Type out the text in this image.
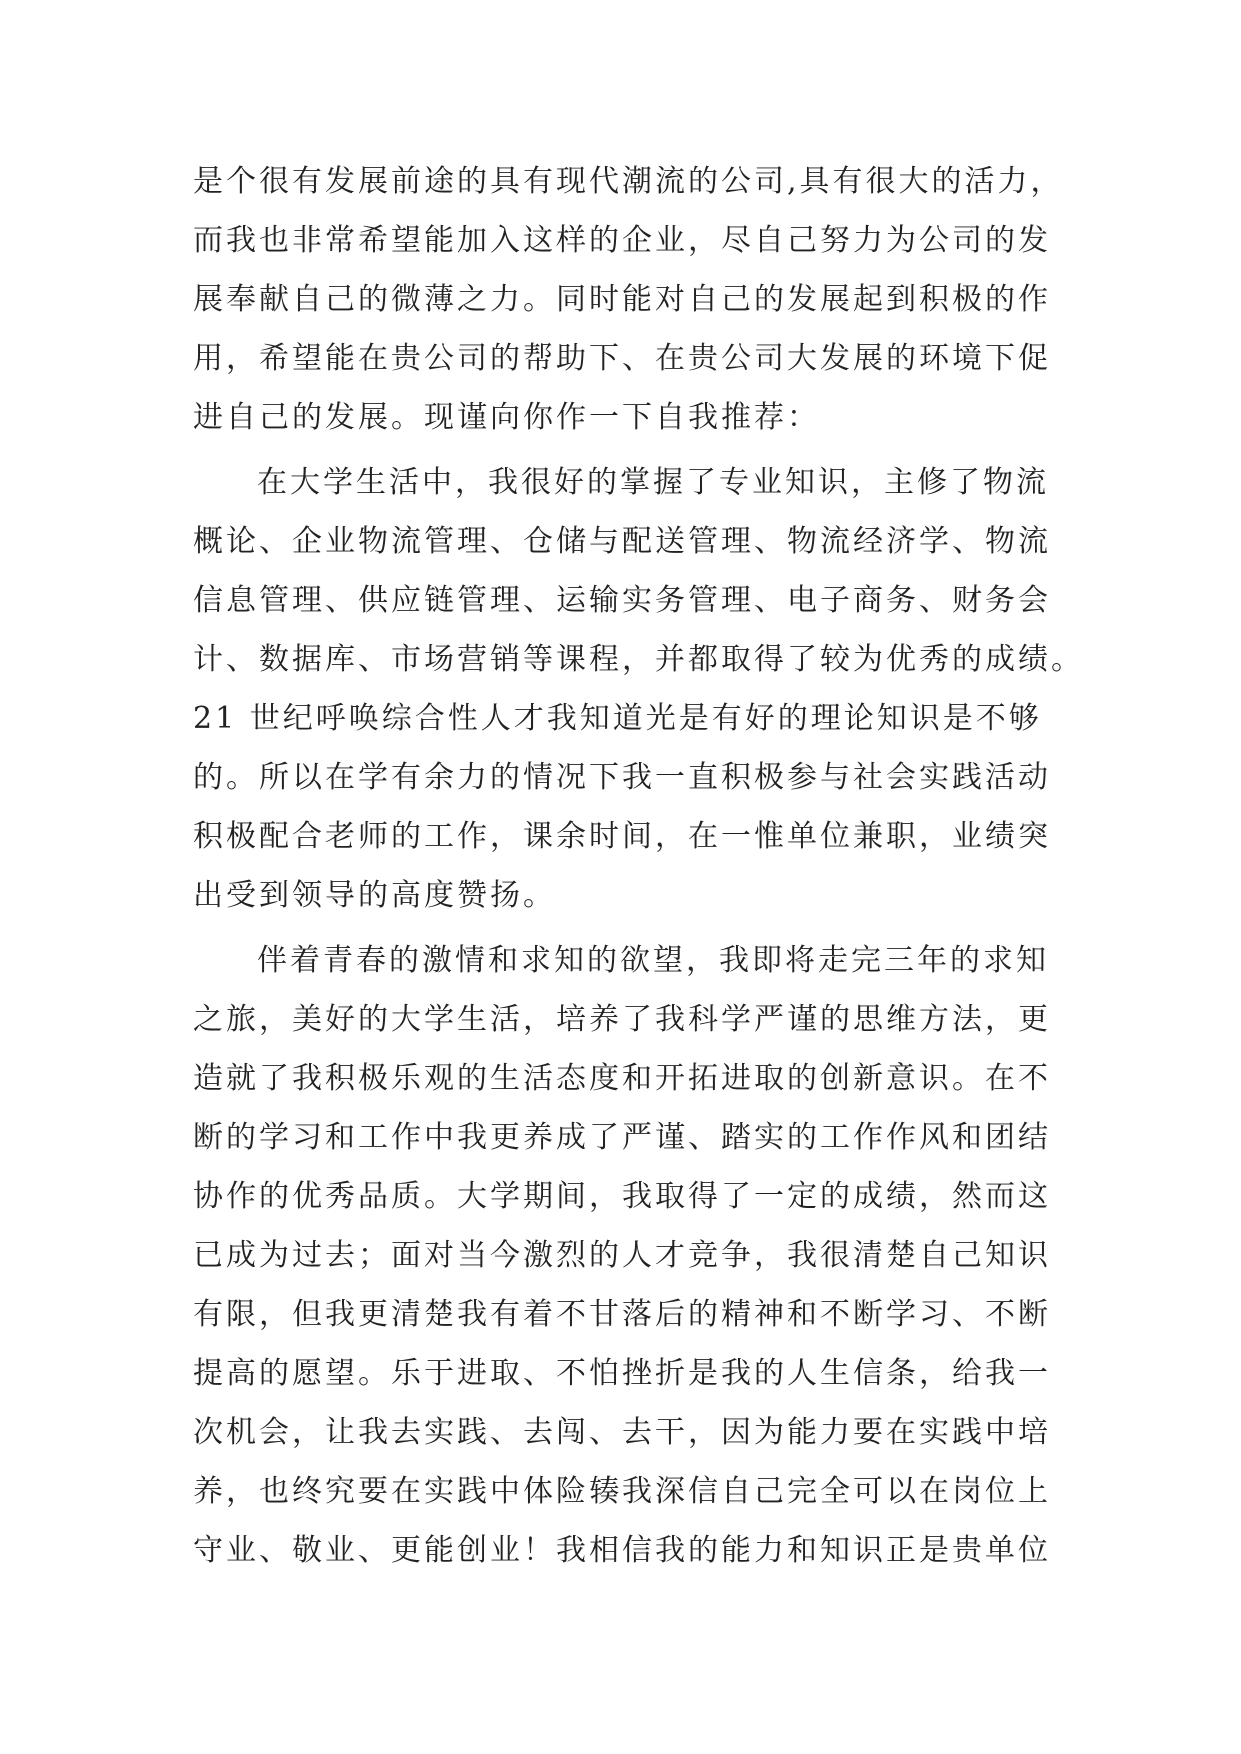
是个很有发展前途的具有现代潮流的公司,具有很大的活力，
而我也非常希望能加入这样的企业，尽自己努力为公司的发
展奉献自己的微薄之力。同时能对自己的发展起到积极的作
用，希望能在贵公司的帮助下、在贵公司大发展的环境下促
进自己的发展。现谨向你作一下自我推荐：
在大学生活中，我很好的掌握了专业知识，主修了物流
概论、企业物流管理、仓储与配送管理、物流经济学、物流
信息管理、供应链管理、运输实务管理、电子商务、财务会
计、数据库、市场营销等课程，并都取得了较为优秀的成绩。
21 世纪呼唤综合性人才我知道光是有好的理论知识是不够
的。所以在学有余力的情况下我一直积极参与社会实践活动
积极配合老师的工作，课余时间，在一惟单位兼职，业绩突
出受到领导的高度赞扬。
伴着青春的激情和求知的欲望，我即将走完三年的求知
之旅，美好的大学生活，培养了我科学严谨的思维方法，更
造就了我积极乐观的生活态度和开拓进取的创新意识。在不
断的学习和工作中我更养成了严谨、踏实的工作作风和团结
协作的优秀品质。大学期间，我取得了一定的成绩，然而这
已成为过去；面对当今激烈的人才竞争，我很清楚自己知识
有限，但我更清楚我有着不甘落后的精神和不断学习、不断
提高的愿望。乐于进取、不怕挫折是我的人生信条，给我一
次机会，让我去实践、去闯、去干，因为能力要在实践中培
养，也终究要在实践中体险辏我深信自己完全可以在岗位上
守业、敬业、更能创业！我相信我的能力和知识正是贵单位
